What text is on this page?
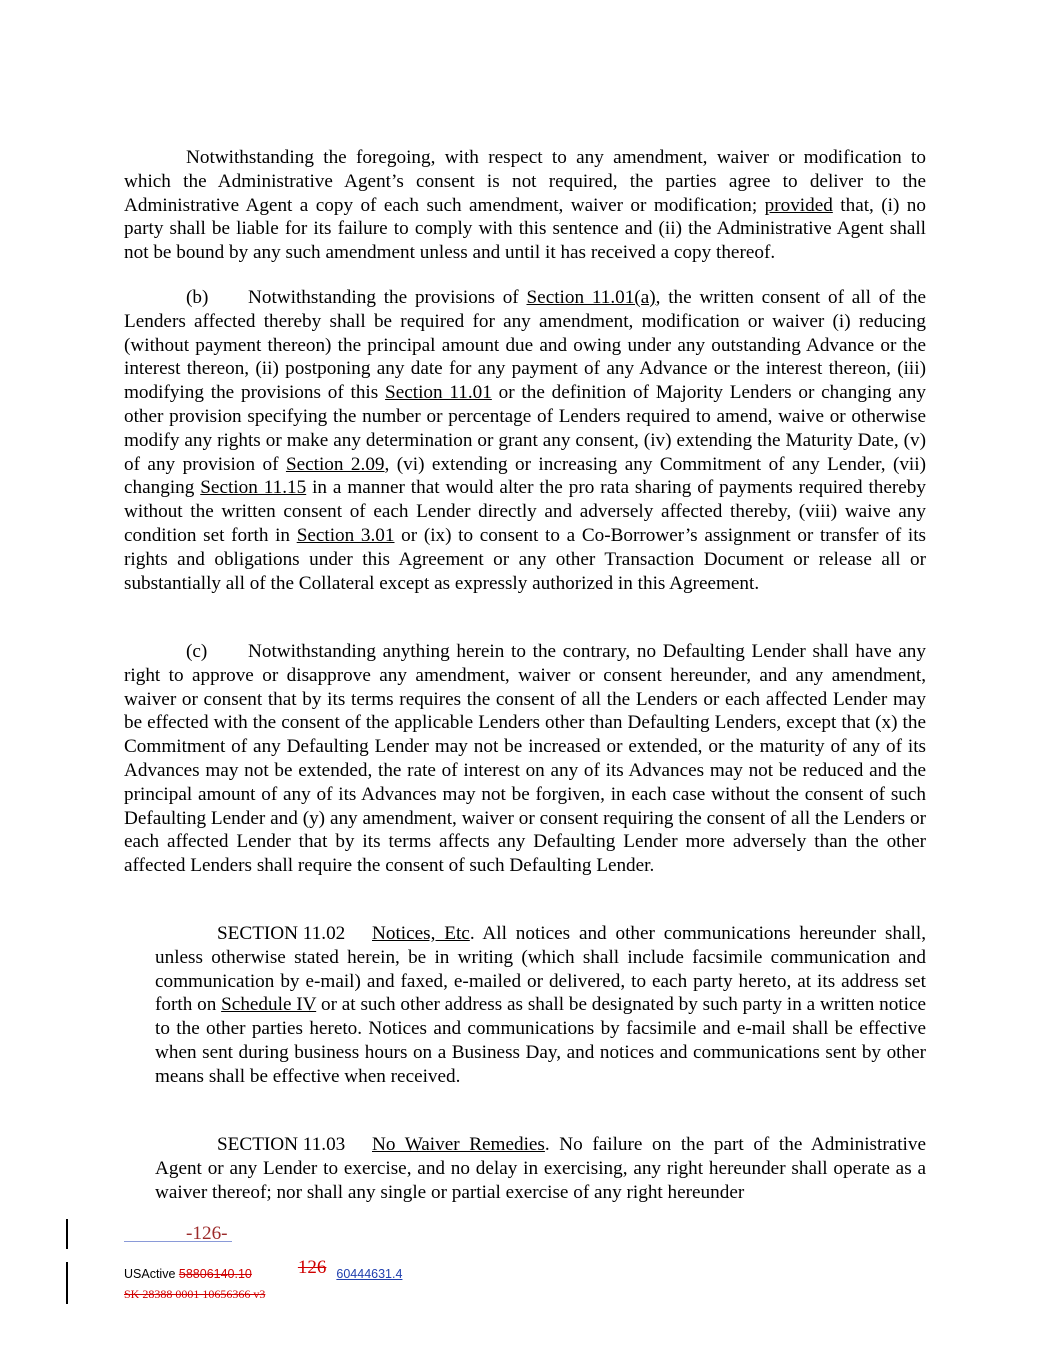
Notwithstanding the foregoing, with respect to any amendment, waiver or modification to which the Administrative Agent’s consent is not required, the parties agree to deliver to the Administrative Agent a copy of each such amendment, waiver or modification; provided that, (i) no party shall be liable for its failure to comply with this sentence and (ii) the Administrative Agent shall not be bound by any such amendment unless and until it has received a copy thereof.

(b) Notwithstanding the provisions of Section 11.01(a), the written consent of all of the Lenders affected thereby shall be required for any amendment, modification or waiver (i) reducing (without payment thereon) the principal amount due and owing under any outstanding Advance or the interest thereon, (ii) postponing any date for any payment of any Advance or the interest thereon, (iii) modifying the provisions of this Section 11.01 or the definition of Majority Lenders or changing any other provision specifying the number or percentage of Lenders required to amend, waive or otherwise modify any rights or make any determination or grant any consent, (iv) extending the Maturity Date, (v) of any provision of Section 2.09, (vi) extending or increasing any Commitment of any Lender, (vii) changing Section 11.15 in a manner that would alter the pro rata sharing of payments required thereby without the written consent of each Lender directly and adversely affected thereby, (viii) waive any condition set forth in Section 3.01 or (ix) to consent to a Co-Borrower’s assignment or transfer of its rights and obligations under this Agreement or any other Transaction Document or release all or substantially all of the Collateral except as expressly authorized in this Agreement.

(c) Notwithstanding anything herein to the contrary, no Defaulting Lender shall have any right to approve or disapprove any amendment, waiver or consent hereunder, and any amendment, waiver or consent that by its terms requires the consent of all the Lenders or each affected Lender may be effected with the consent of the applicable Lenders other than Defaulting Lenders, except that (x) the Commitment of any Defaulting Lender may not be increased or extended, or the maturity of any of its Advances may not be extended, the rate of interest on any of its Advances may not be reduced and the principal amount of any of its Advances may not be forgiven, in each case without the consent of such Defaulting Lender and (y) any amendment, waiver or consent requiring the consent of all the Lenders or each affected Lender that by its terms affects any Defaulting Lender more adversely than the other affected Lenders shall require the consent of such Defaulting Lender.

SECTION 11.02 Notices, Etc. All notices and other communications hereunder shall, unless otherwise stated herein, be in writing (which shall include facsimile communication and communication by e-mail) and faxed, e-mailed or delivered, to each party hereto, at its address set forth on Schedule IV or at such other address as shall be designated by such party in a written notice to the other parties hereto. Notices and communications by facsimile and e-mail shall be effective when sent during business hours on a Business Day, and notices and communications sent by other means shall be effective when received.

SECTION 11.03 No Waiver Remedies. No failure on the part of the Administrative Agent or any Lender to exercise, and no delay in exercising, any right hereunder shall operate as a waiver thereof; nor shall any single or partial exercise of any right hereunder

-126-
USActive 58806140.10 126 60444631.4
SK 28388 0001 10656366 v3
